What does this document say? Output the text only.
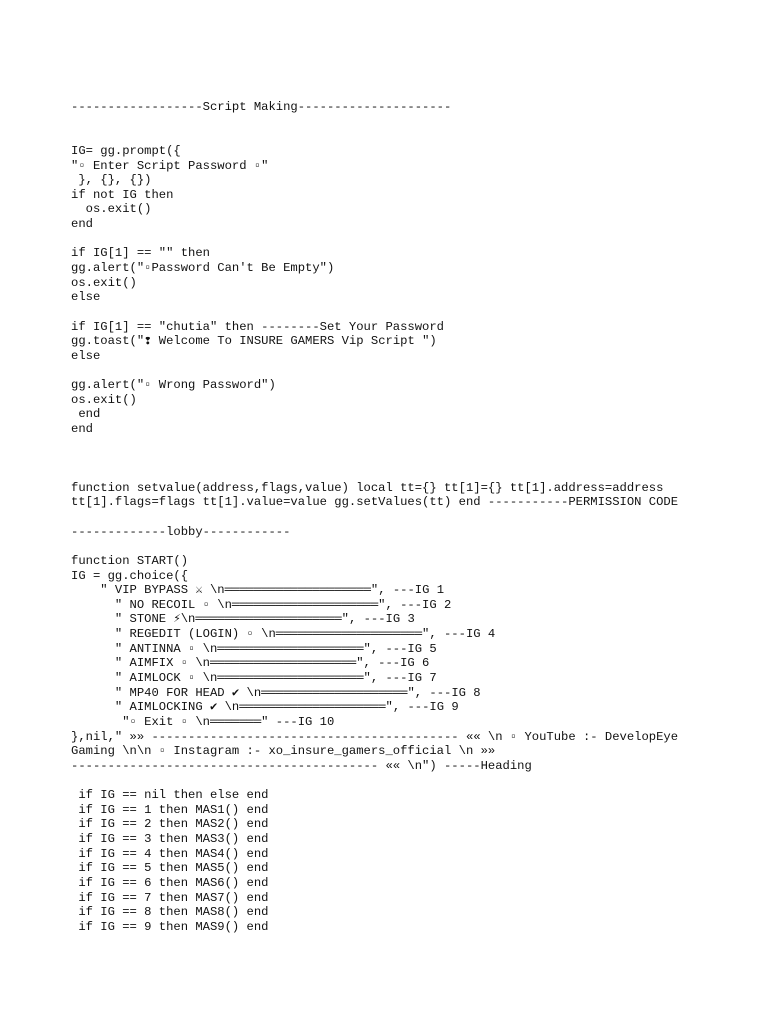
------------------Script Making---------------------
IG= gg.prompt({
"▫ Enter Script Password ▫"
}, {}, {})
if not IG then
os.exit()
end
if IG[1] == "" then
gg.alert("▫Password Can't Be Empty")
os.exit()
else
if IG[1] == "chutia" then --------Set Your Password
gg.toast("❢ Welcome To INSURE GAMERS Vip Script ")
else
gg.alert("▫ Wrong Password")
os.exit()
end
end
function setvalue(address,flags,value) local tt={} tt[1]={} tt[1].address=address
tt[1].flags=flags tt[1].value=value gg.setValues(tt) end -----------PERMISSION CODE
-------------lobby------------
function START()
IG = gg.choice({
" VIP BYPASS ⚔ \n════════════════════", ---IG 1
" NO RECOIL ▫ \n════════════════════", ---IG 2
" STONE ⚡\n════════════════════", ---IG 3
" REGEDIT (LOGIN) ▫ \n════════════════════", ---IG 4
" ANTINNA ▫ \n════════════════════", ---IG 5
" AIMFIX ▫ \n════════════════════", ---IG 6
" AIMLOCK ▫ \n════════════════════", ---IG 7
" MP40 FOR HEAD ✔ \n════════════════════", ---IG 8
" AIMLOCKING ✔ \n════════════════════", ---IG 9
"▫ Exit ▫ \n═══════" ---IG 10
},nil," »» ------------------------------------------ «« \n ▫ YouTube :- DevelopEye
Gaming \n\n ▫ Instagram :- xo_insure_gamers_official \n »»
------------------------------------------ «« \n") -----Heading
if IG == nil then else end
if IG == 1 then MAS1() end
if IG == 2 then MAS2() end
if IG == 3 then MAS3() end
if IG == 4 then MAS4() end
if IG == 5 then MAS5() end
if IG == 6 then MAS6() end
if IG == 7 then MAS7() end
if IG == 8 then MAS8() end
if IG == 9 then MAS9() end
